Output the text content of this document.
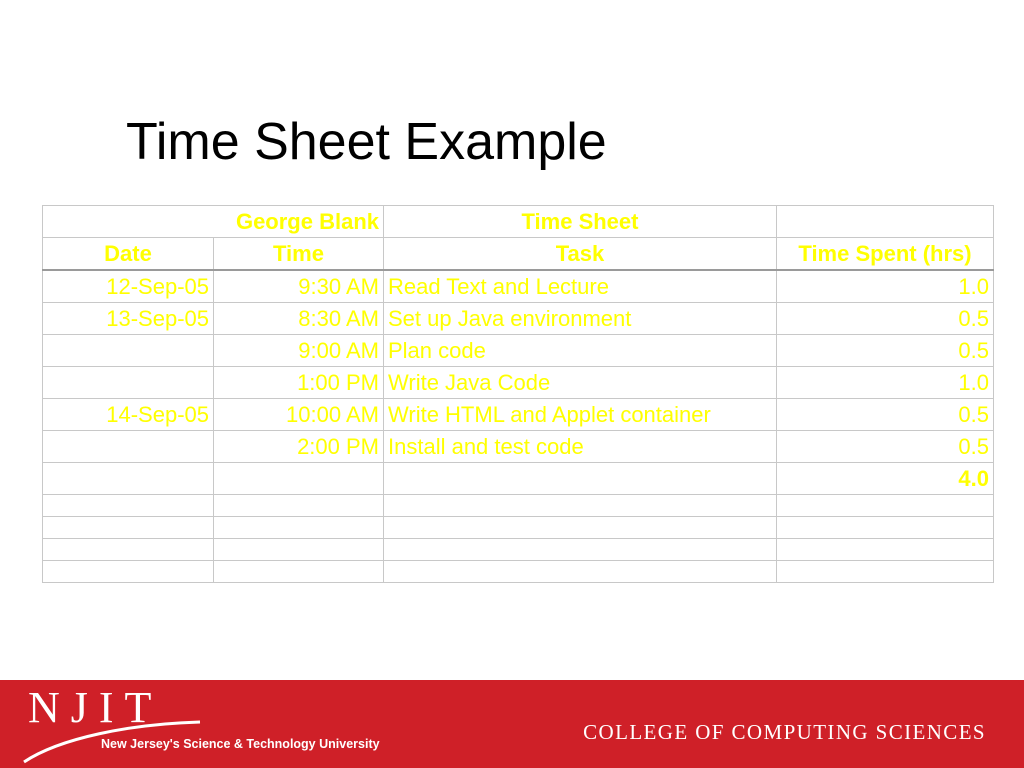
Time Sheet Example
George Blank		Time Sheet	
Date	Time	Task	Time Spent (hrs)
12-Sep-05	9:30 AM	Read Text and Lecture	1.0
13-Sep-05	8:30 AM	Set up Java environment	0.5
	9:00 AM	Plan code	0.5
	1:00 PM	Write Java Code	1.0
14-Sep-05	10:00 AM	Write HTML and Applet container	0.5
	2:00 PM	Install and test code	0.5
			4.0

NJIT
New Jersey's Science & Technology University	COLLEGE OF COMPUTING SCIENCES
